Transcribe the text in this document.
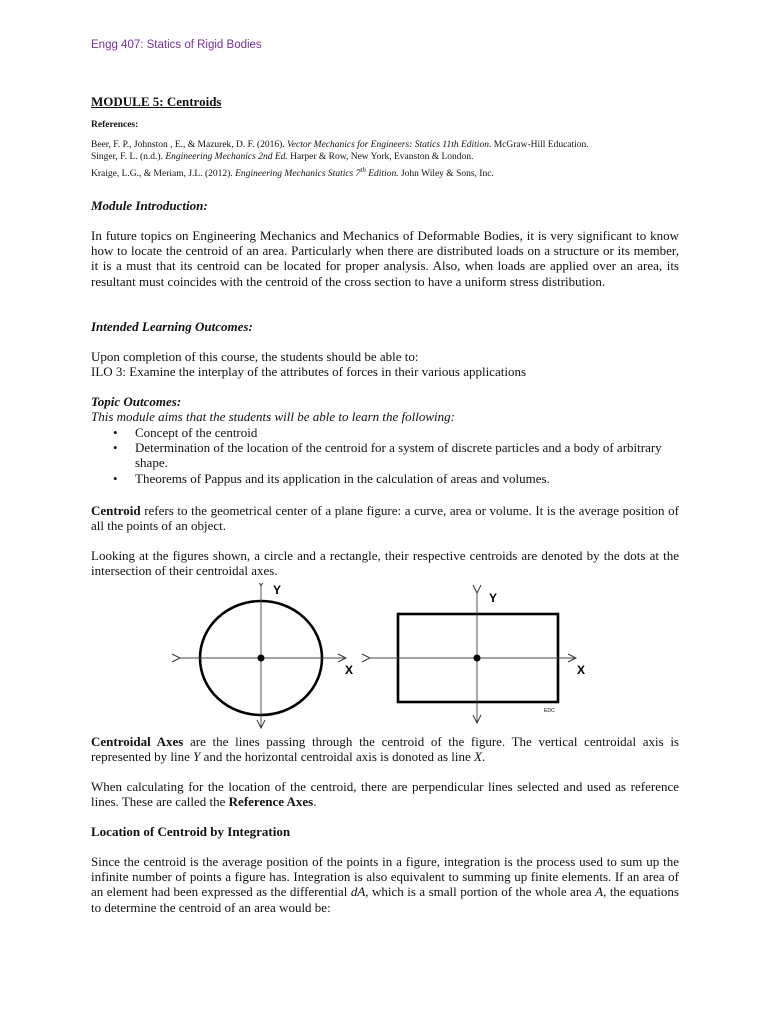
Engg 407: Statics of Rigid Bodies
MODULE 5: Centroids
References:
Beer, F. P., Johnston , E., & Mazurek, D. F. (2016). Vector Mechanics for Engineers: Statics 11th Edition. McGraw-Hill Education.
Singer, F. L. (n.d.). Engineering Mechanics 2nd Ed. Harper & Row, New York, Evanston & London.
Kraige, L.G., & Meriam, J.L. (2012). Engineering Mechanics Statics 7th Edition. John Wiley & Sons, Inc.
Module Introduction:

In future topics on Engineering Mechanics and Mechanics of Deformable Bodies, it is very significant to know how to locate the centroid of an area. Particularly when there are distributed loads on a structure or its member, it is a must that its centroid can be located for proper analysis. Also, when loads are applied over an area, its resultant must coincides with the centroid of the cross section to have a uniform stress distribution.

Intended Learning Outcomes:
Upon completion of this course, the students should be able to:
ILO 3: Examine the interplay of the attributes of forces in their various applications
Topic Outcomes:
This module aims that the students will be able to learn the following:
• Concept of the centroid
• Determination of the location of the centroid for a system of discrete particles and a body of arbitrary shape.
• Theorems of Pappus and its application in the calculation of areas and volumes.

Centroid refers to the geometrical center of a plane figure: a curve, area or volume. It is the average position of all the points of an object.

Looking at the figures shown, a circle and a rectangle, their respective centroids are denoted by the dots at the intersection of their centroidal axes.

Y
X
Y
X
EDC

Centroidal Axes are the lines passing through the centroid of the figure. The vertical centroidal axis is represented by line Y and the horizontal centroidal axis is donoted as line X.

When calculating for the location of the centroid, there are perpendicular lines selected and used as reference lines. These are called the Reference Axes.

Location of Centroid by Integration

Since the centroid is the average position of the points in a figure, integration is the process used to sum up the infinite number of points a figure has. Integration is also equivalent to summing up finite elements. If an area of an element had been expressed as the differential dA, which is a small portion of the whole area A, the equations to determine the centroid of an area would be:
